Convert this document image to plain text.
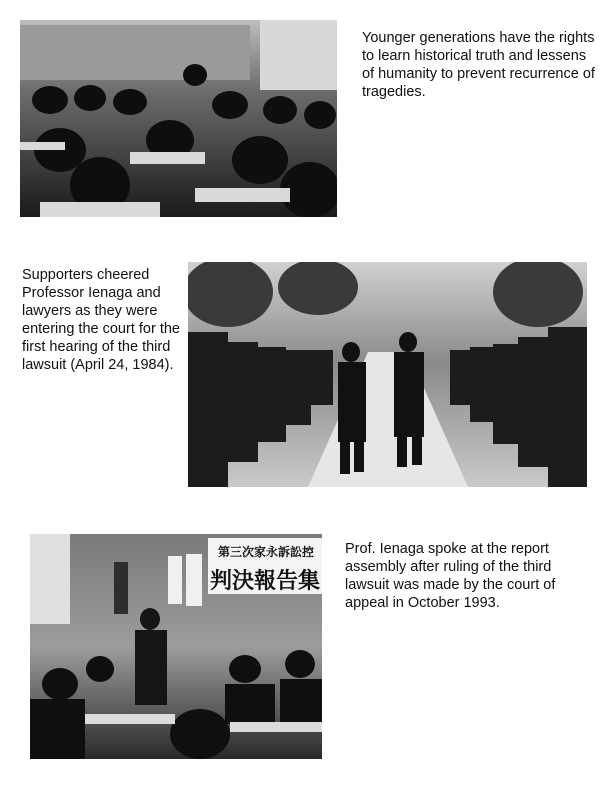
Younger generations have the rights to learn historical truth and lessens of humanity to prevent recurrence of tragedies.

Supporters cheered Professor Ienaga and lawyers as they were entering the court for the first hearing of the third lawsuit (April 24, 1984).

第三次家永訴訟控
判決報告集

Prof. Ienaga spoke at the report assembly after ruling of the third lawsuit was made by the court of appeal in October 1993.
